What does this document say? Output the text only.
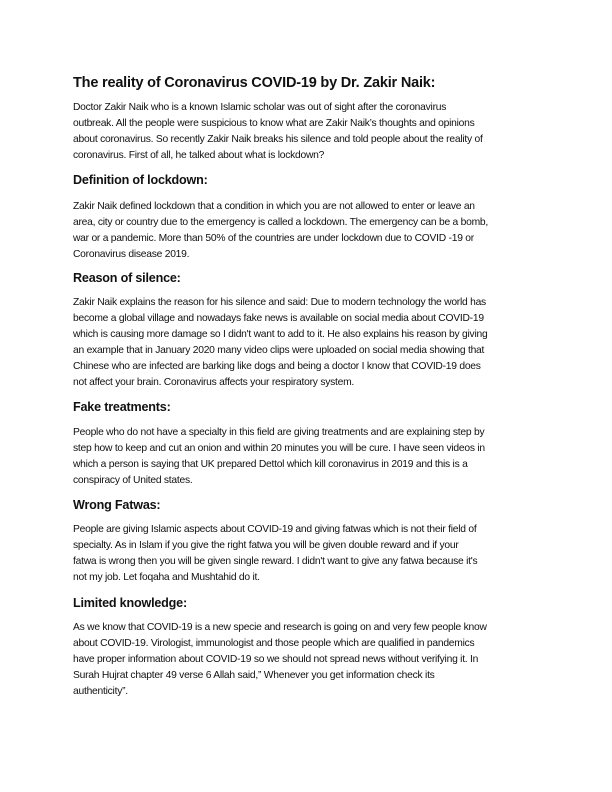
The reality of Coronavirus COVID-19 by Dr. Zakir Naik:
Doctor Zakir Naik who is a known Islamic scholar was out of sight after the coronavirus
outbreak. All the people were suspicious to know what are Zakir Naik’s thoughts and opinions
about coronavirus. So recently Zakir Naik breaks his silence and told people about the reality of
coronavirus. First of all, he talked about what is lockdown?
Definition of lockdown:
Zakir Naik defined lockdown that a condition in which you are not allowed to enter or leave an
area, city or country due to the emergency is called a lockdown. The emergency can be a bomb,
war or a pandemic. More than 50% of the countries are under lockdown due to COVID -19 or
Coronavirus disease 2019.
Reason of silence:
Zakir Naik explains the reason for his silence and said: Due to modern technology the world has
become a global village and nowadays fake news is available on social media about COVID-19
which is causing more damage so I didn't want to add to it. He also explains his reason by giving
an example that in January 2020 many video clips were uploaded on social media showing that
Chinese who are infected are barking like dogs and being a doctor I know that COVID-19 does
not affect your brain. Coronavirus affects your respiratory system.
Fake treatments:
People who do not have a specialty in this field are giving treatments and are explaining step by
step how to keep and cut an onion and within 20 minutes you will be cure. I have seen videos in
which a person is saying that UK prepared Dettol which kill coronavirus in 2019 and this is a
conspiracy of United states.
Wrong Fatwas:
People are giving Islamic aspects about COVID-19 and giving fatwas which is not their field of
specialty. As in Islam if you give the right fatwa you will be given double reward and if your
fatwa is wrong then you will be given single reward. I didn't want to give any fatwa because it's
not my job. Let foqaha and Mushtahid do it.
Limited knowledge:
As we know that COVID-19 is a new specie and research is going on and very few people know
about COVID-19. Virologist, immunologist and those people which are qualified in pandemics
have proper information about COVID-19 so we should not spread news without verifying it. In
Surah Hujrat chapter 49 verse 6 Allah said,” Whenever you get information check its
authenticity”.
